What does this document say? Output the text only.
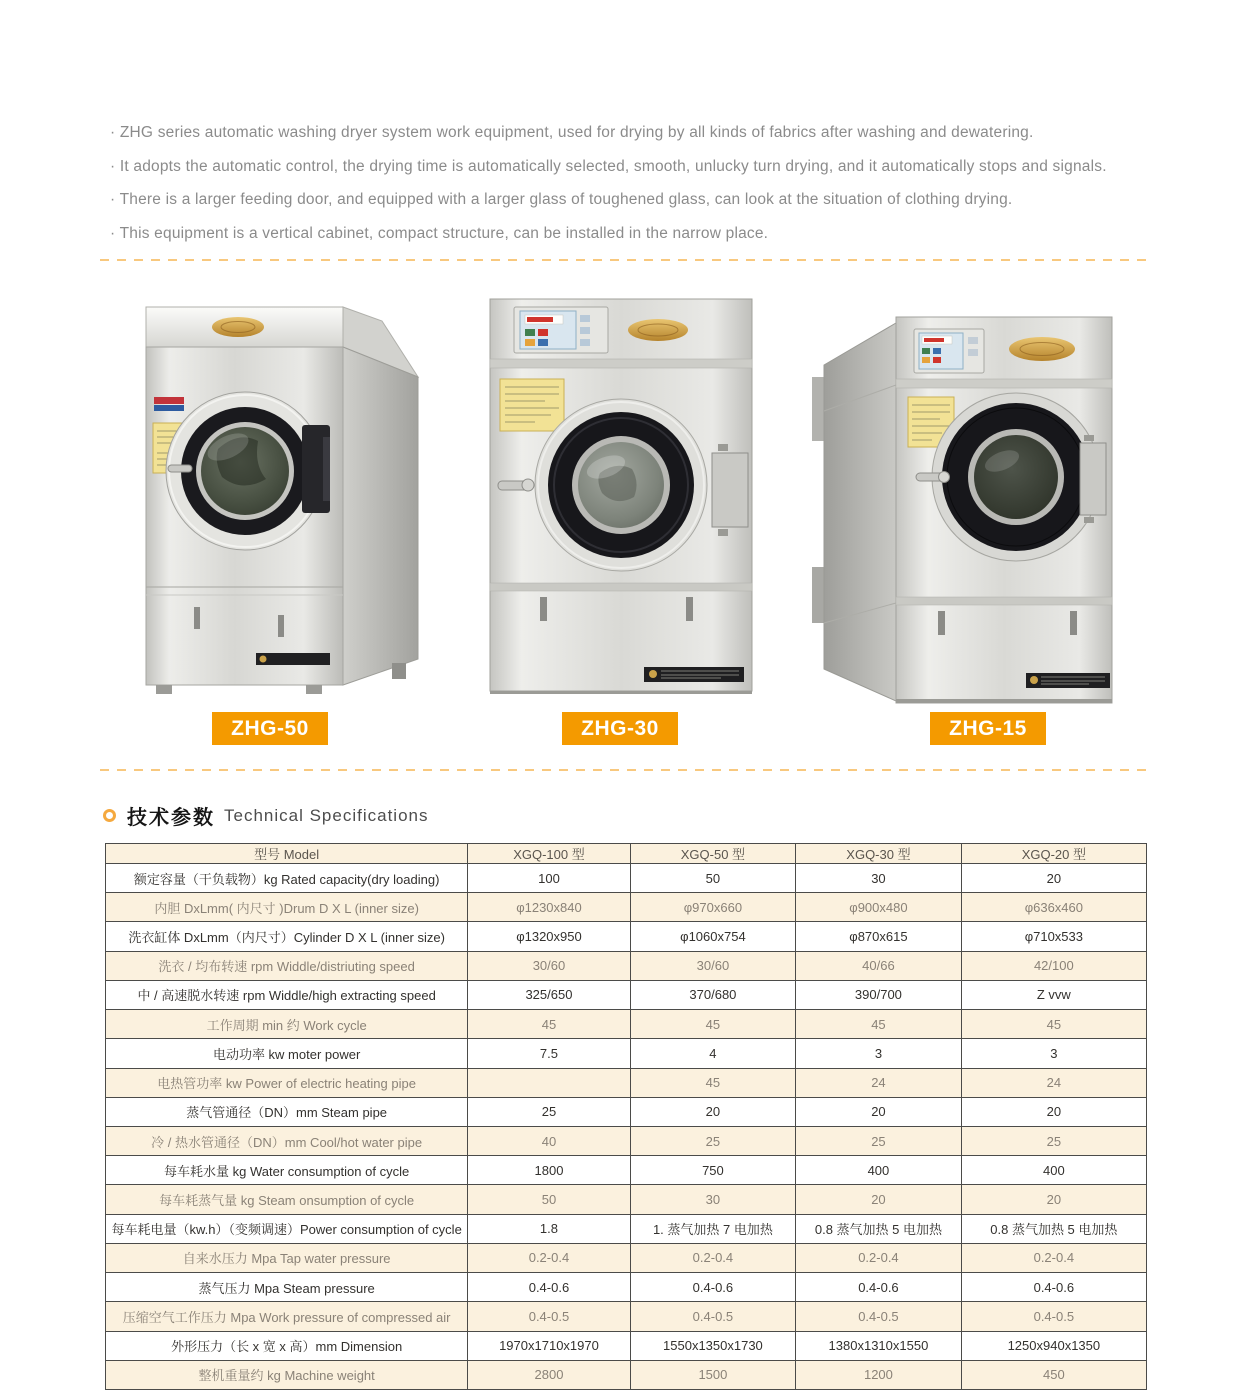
· ZHG series automatic washing dryer system work equipment, used for drying by all kinds of fabrics after washing and dewatering.
· It adopts the automatic control, the drying time is automatically selected, smooth, unlucky turn drying, and it automatically stops and signals.
· There is a larger feeding door, and equipped with a larger glass of toughened glass, can look at the situation of clothing drying.
· This equipment is a vertical cabinet, compact structure, can be installed in the narrow place.
ZHG-50	ZHG-30	ZHG-15
技术参数 Technical Specifications
型号 Model	XGQ-100 型	XGQ-50 型	XGQ-30 型	XGQ-20 型
额定容量（干负载物）kg Rated capacity(dry loading)	100	50	30	20
内胆 DxLmm( 内尺寸 )Drum D X L (inner size)	φ1230x840	φ970x660	φ900x480	φ636x460
洗衣缸体 DxLmm（内尺寸）Cylinder D X L (inner size)	φ1320x950	φ1060x754	φ870x615	φ710x533
洗衣 / 均布转速 rpm Widdle/distriuting speed	30/60	30/60	40/66	42/100
中 / 高速脱水转速 rpm Widdle/high extracting speed	325/650	370/680	390/700	Z vvw
工作周期 min 约 Work cycle	45	45	45	45
电动功率 kw moter power	7.5	4	3	3
电热管功率 kw Power of electric heating pipe		45	24	24
蒸气管通径（DN）mm Steam pipe	25	20	20	20
冷 / 热水管通径（DN）mm Cool/hot water pipe	40	25	25	25
每车耗水量 kg Water consumption of cycle	1800	750	400	400
每车耗蒸气量 kg Steam onsumption of cycle	50	30	20	20
每车耗电量（kw.h）（变频调速）Power consumption of cycle	1.8	1. 蒸气加热 7 电加热	0.8 蒸气加热 5 电加热	0.8 蒸气加热 5 电加热
自来水压力 Mpa Tap water pressure	0.2-0.4	0.2-0.4	0.2-0.4	0.2-0.4
蒸气压力 Mpa Steam pressure	0.4-0.6	0.4-0.6	0.4-0.6	0.4-0.6
压缩空气工作压力 Mpa Work pressure of compressed air	0.4-0.5	0.4-0.5	0.4-0.5	0.4-0.5
外形压力（长 x 宽 x 高）mm Dimension	1970x1710x1970	1550x1350x1730	1380x1310x1550	1250x940x1350
整机重量约 kg Machine weight	2800	1500	1200	450
